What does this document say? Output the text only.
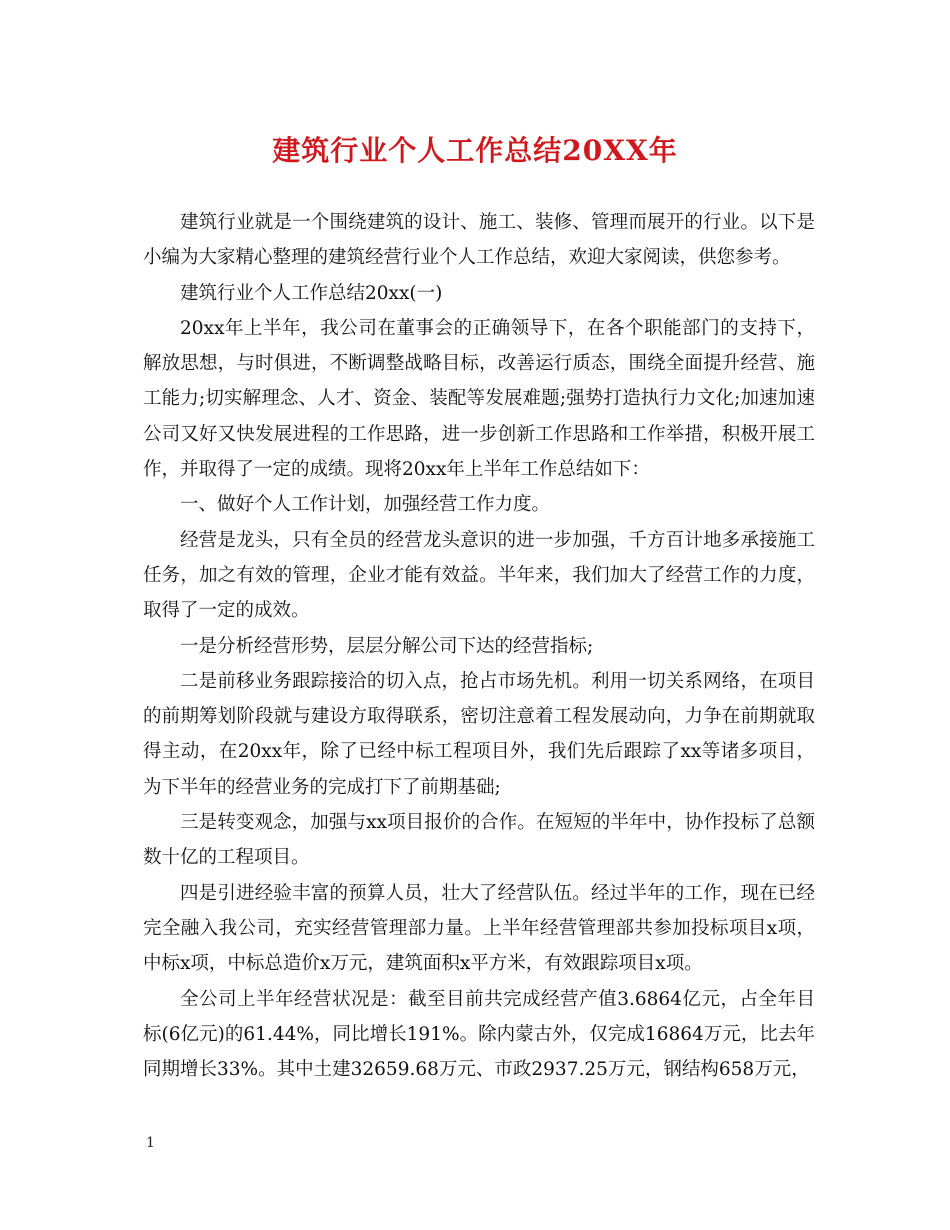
建筑行业个人工作总结20XX年

建筑行业就是一个围绕建筑的设计、施工、装修、管理而展开的行业。以下是小编为大家精心整理的建筑经营行业个人工作总结，欢迎大家阅读，供您参考。

建筑行业个人工作总结20xx(一)

20xx年上半年，我公司在董事会的正确领导下，在各个职能部门的支持下，解放思想，与时俱进，不断调整战略目标，改善运行质态，围绕全面提升经营、施工能力;切实解理念、人才、资金、装配等发展难题;强势打造执行力文化;加速加速公司又好又快发展进程的工作思路，进一步创新工作思路和工作举措，积极开展工作，并取得了一定的成绩。现将20xx年上半年工作总结如下：

一、做好个人工作计划，加强经营工作力度。

经营是龙头，只有全员的经营龙头意识的进一步加强，千方百计地多承接施工任务，加之有效的管理，企业才能有效益。半年来，我们加大了经营工作的力度，取得了一定的成效。

一是分析经营形势，层层分解公司下达的经营指标;

二是前移业务跟踪接洽的切入点，抢占市场先机。利用一切关系网络，在项目的前期筹划阶段就与建设方取得联系，密切注意着工程发展动向，力争在前期就取得主动，在20xx年，除了已经中标工程项目外，我们先后跟踪了xx等诸多项目，为下半年的经营业务的完成打下了前期基础;

三是转变观念，加强与xx项目报价的合作。在短短的半年中，协作投标了总额数十亿的工程项目。

四是引进经验丰富的预算人员，壮大了经营队伍。经过半年的工作，现在已经完全融入我公司，充实经营管理部力量。上半年经营管理部共参加投标项目x项，中标x项，中标总造价x万元，建筑面积x平方米，有效跟踪项目x项。

全公司上半年经营状况是：截至目前共完成经营产值3.6864亿元，占全年目标(6亿元)的61.44%，同比增长191%。除内蒙古外，仅完成16864万元，比去年同期增长33%。其中土建32659.68万元、市政2937.25万元，钢结构658万元，

1
